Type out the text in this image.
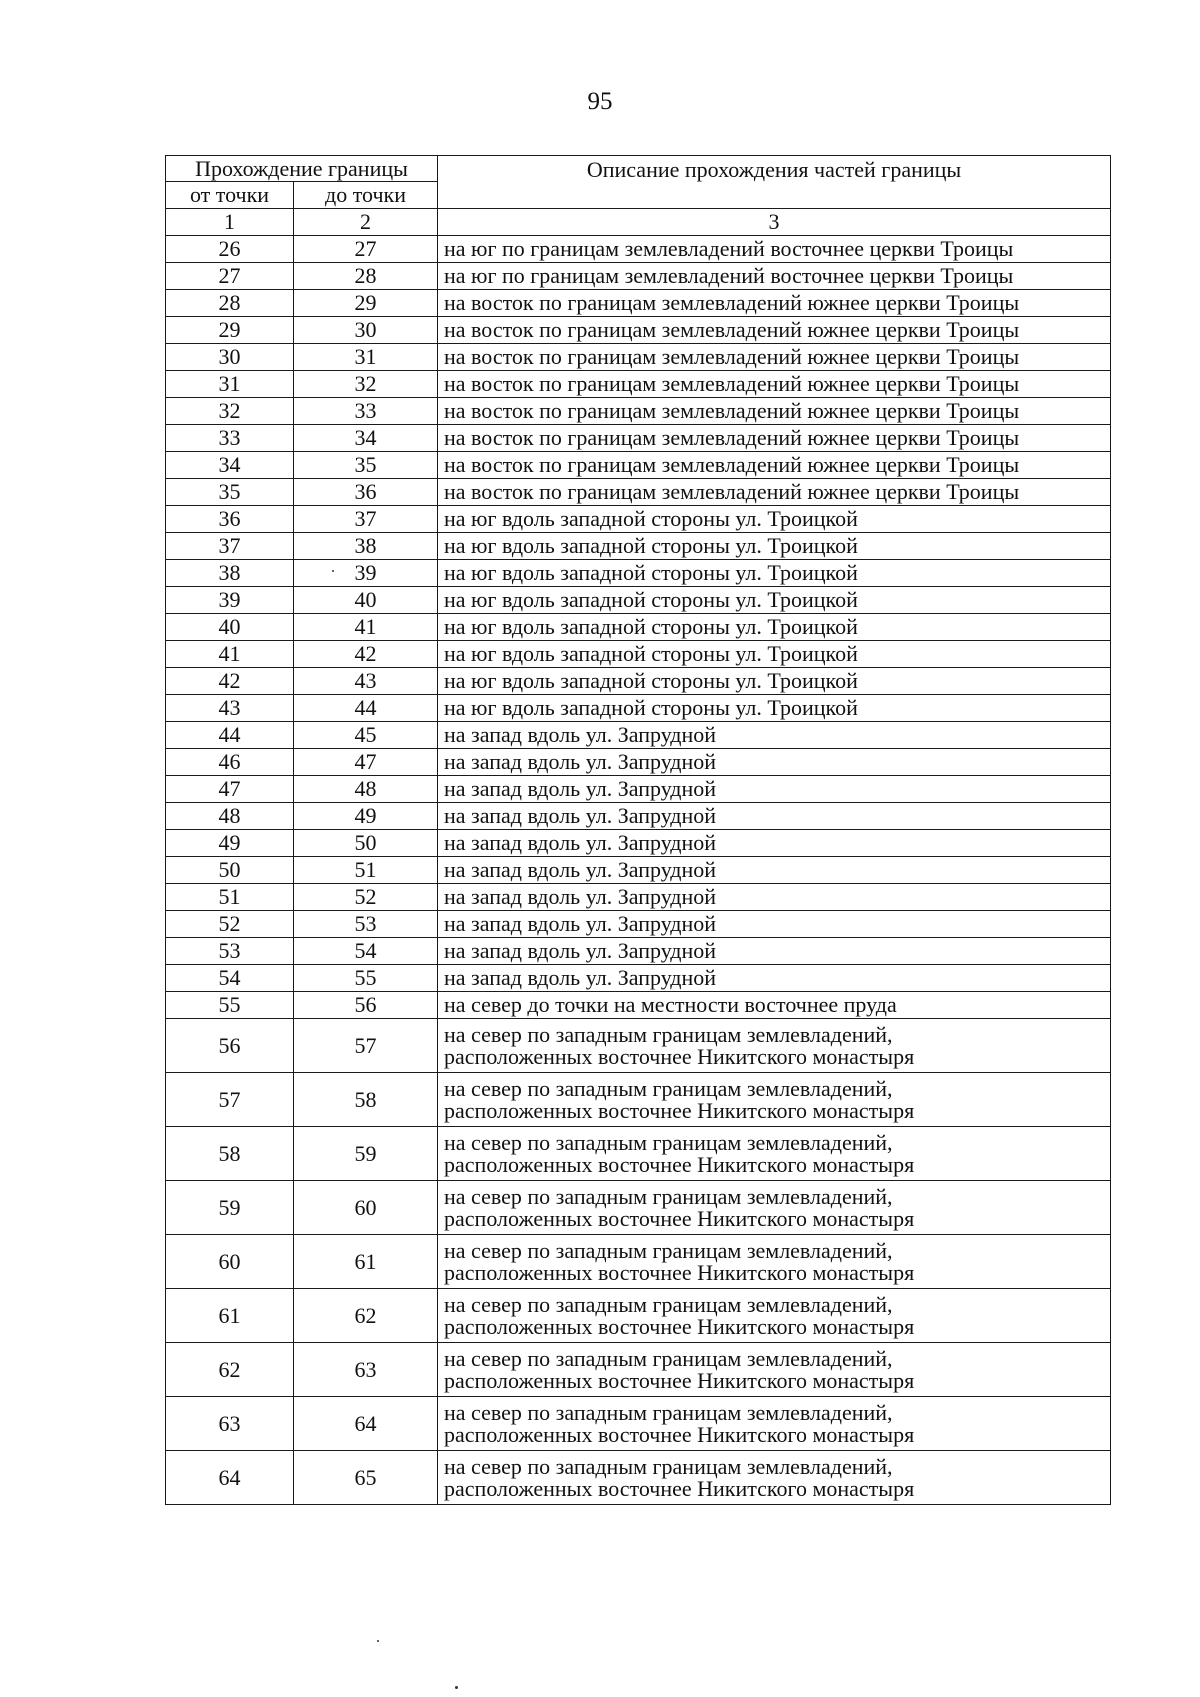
95
Прохождение границы		Описание прохождения частей границы
от точки	до точки	
1	2	3
26	27	на юг по границам землевладений восточнее церкви Троицы

27	28	на юг по границам землевладений восточнее церкви Троицы

28	29	на восток по границам землевладений южнее церкви Троицы

29	30	на восток по границам землевладений южнее церкви Троицы

30	31	на восток по границам землевладений южнее церкви Троицы

31	32	на восток по границам землевладений южнее церкви Троицы

32	33	на восток по границам землевладений южнее церкви Троицы

33	34	на восток по границам землевладений южнее церкви Троицы

34	35	на восток по границам землевладений южнее церкви Троицы

35	36	на восток по границам землевладений южнее церкви Троицы

36	37	на юг вдоль западной стороны ул. Троицкой

37	38	на юг вдоль западной стороны ул. Троицкой

38	39	на юг вдоль западной стороны ул. Троицкой

39	40	на юг вдоль западной стороны ул. Троицкой

40	41	на юг вдоль западной стороны ул. Троицкой

41	42	на юг вдоль западной стороны ул. Троицкой

42	43	на юг вдоль западной стороны ул. Троицкой

43	44	на юг вдоль западной стороны ул. Троицкой

44	45	на запад вдоль ул. Запрудной

46	47	на запад вдоль ул. Запрудной

47	48	на запад вдоль ул. Запрудной

48	49	на запад вдоль ул. Запрудной

49	50	на запад вдоль ул. Запрудной

50	51	на запад вдоль ул. Запрудной

51	52	на запад вдоль ул. Запрудной

52	53	на запад вдоль ул. Запрудной

53	54	на запад вдоль ул. Запрудной

54	55	на запад вдоль ул. Запрудной

55	56	на север до точки на местности восточнее пруда

56	57	на север по западным границам землевладений,
расположенных восточнее Никитского монастыря

57	58	на север по западным границам землевладений,
расположенных восточнее Никитского монастыря

58	59	на север по западным границам землевладений,
расположенных восточнее Никитского монастыря

59	60	на север по западным границам землевладений,
расположенных восточнее Никитского монастыря

60	61	на север по западным границам землевладений,
расположенных восточнее Никитского монастыря

61	62	на север по западным границам землевладений,
расположенных восточнее Никитского монастыря

62	63	на север по западным границам землевладений,
расположенных восточнее Никитского монастыря

63	64	на север по западным границам землевладений,
расположенных восточнее Никитского монастыря

64	65	на север по западным границам землевладений,
расположенных восточнее Никитского монастыря
